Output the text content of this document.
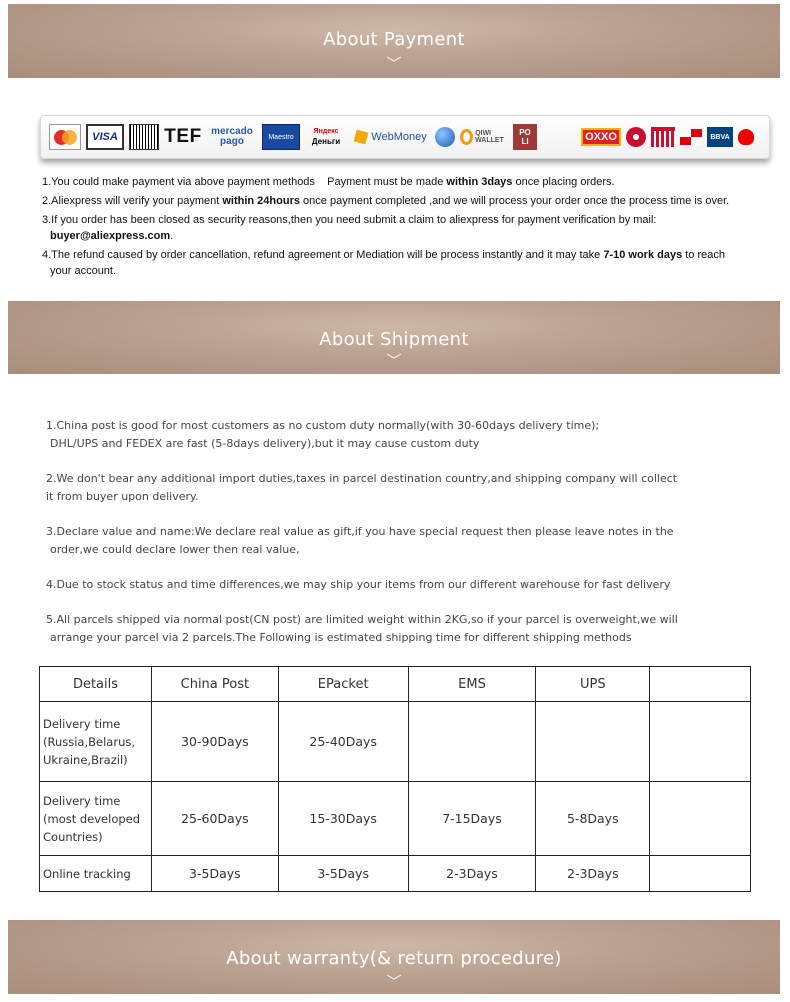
About Payment
VISA	TEF mercado
pago	Maestro
Яндекс
Деньги	WebMoney	QIWI WALLET
PO
LI	OXXO	BBVA

1.You could make payment via above payment methods Payment must be made within 3days once placing orders.

2.Aliexpress will verify your payment within 24hours once payment completed ,and we will process your order once the process time is over.

3.If you order has been closed as security reasons,then you need submit a claim to aliexpress for payment verification by mail:
buyer@aliexpress.com.

4.The refund caused by order cancellation, refund agreement or Mediation will be process instantly and it may take 7-10 work days to reach
your account.

About Shipment
1.China post is good for most customers as no custom duty normally(with 30-60days delivery time);
DHL/UPS and FEDEX are fast (5-8days delivery),but it may cause custom duty
2.We don't bear any additional import duties,taxes in parcel destination country,and shipping company will collect
it from buyer upon delivery.
3.Declare value and name:We declare real value as gift,if you have special request then please leave notes in the
order,we could declare lower then real value,
4.Due to stock status and time differences,we may ship your items from our different warehouse for fast delivery
5.All parcels shipped via normal post(CN post) are limited weight within 2KG,so if your parcel is overweight,we will
arrange your parcel via 2 parcels.The Following is estimated shipping time for different shipping methods
Details	China Post	EPacket	EMS	UPS	

Delivery time
(Russia,Belarus,
Ukraine,Brazil)	30-90Days	25-40Days			

Delivery time
(most developed
Countries)	25-60Days	15-30Days	7-15Days	5-8Days	

Online tracking	3-5Days	3-5Days	2-3Days	2-3Days	
About warranty(& return procedure)
